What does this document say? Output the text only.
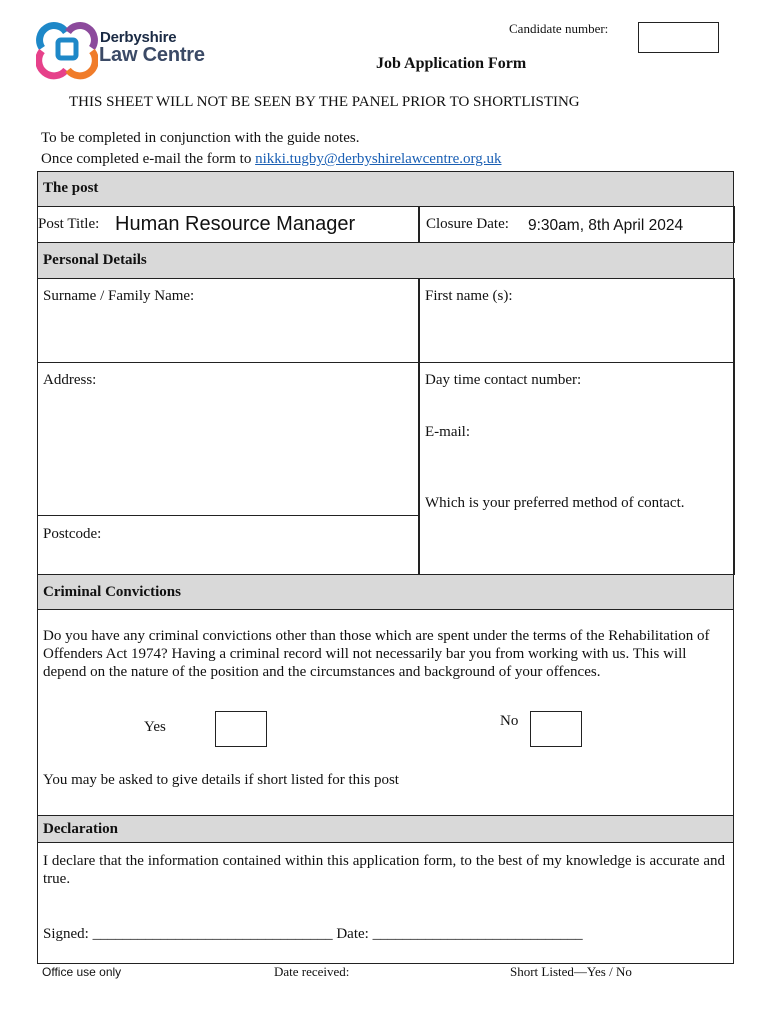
Derbyshire
Law Centre
Candidate number:
Job Application Form
THIS SHEET WILL NOT BE SEEN BY THE PANEL PRIOR TO SHORTLISTING
To be completed in conjunction with the guide notes.
Once completed e-mail the form to nikki.tugby@derbyshirelawcentre.org.uk
The post
Post Title: Human Resource Manager	Closure Date: 9:30am, 8th April 2024
Personal Details
Surname / Family Name:	First name (s):
Address:
Postcode:
Day time contact number:
E-mail:
Which is your preferred method of contact.
Criminal Convictions
Do you have any criminal convictions other than those which are spent under the terms of the Rehabilitation of Offenders Act 1974? Having a criminal record will not necessarily bar you from working with us. This will depend on the nature of the position and the circumstances and background of your offences.
Yes	No
You may be asked to give details if short listed for this post
Declaration
I declare that the information contained within this application form, to the best of my knowledge is accurate and true.
Signed: ________________________________ Date: ____________________________
Office use only	Date received:	Short Listed—Yes / No
